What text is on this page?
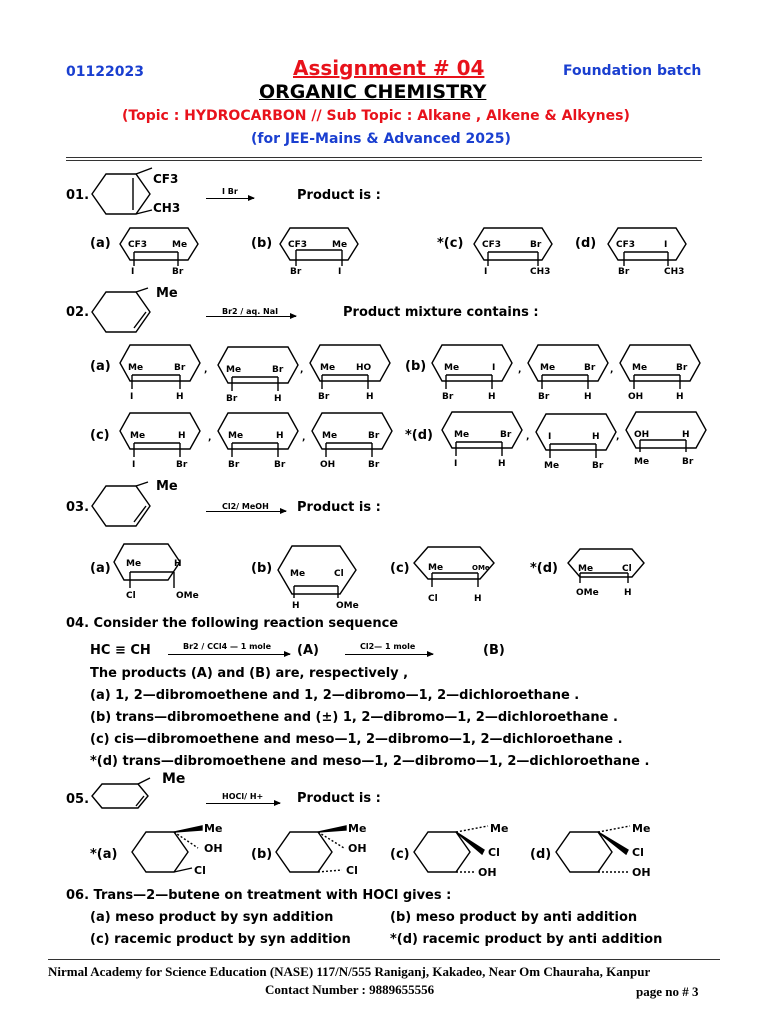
01122023	Assignment # 04	Foundation batch
ORGANIC CHEMISTRY
(Topic : HYDROCARBON // Sub Topic : Alkane , Alkene & Alkynes)
(for JEE-Mains & Advanced 2025)
01.
CF3
CH3
I Br	Product is :
(a) CF3	Me
I	Br
(b) CF3	Me
Br	I
*(c) CF3	Br
I	CH3
(d) CF3	I
Br	CH3
02.
Me
Br2 / aq. NaI	Product mixture contains :
(a) Me	Br
I	H
, Me	Br
Br	H
, Me HO
Br	H
(b) Me	I
Br	H
, Me	Br
Br	H
, Me	Br
OH	H
(c) Me	H
I	Br
, Me	H
Br	Br
, Me	Br
OH	Br
*(d) Me	Br
I	H
, I	H
Me	Br
, OH	H
Me	Br
03.
Me
Cl2/ MeOH Product is :
(a) Me	H
Cl	OMe
(b) Me	Cl
H	OMe
(c) Me	OMe
Cl	H
*(d) Me	Cl
OMe	H
04. Consider the following reaction sequence
HC ≡ CH	Br2 / CCl4 — 1 mole (A)	Cl2— 1 mole	(B)
The products (A) and (B) are, respectively ,
(a) 1, 2—dibromoethene and 1, 2—dibromo—1, 2—dichloroethane .
(b) trans—dibromoethene and (±) 1, 2—dibromo—1, 2—dichloroethane .
(c) cis—dibromoethene and meso—1, 2—dibromo—1, 2—dichloroethane .
*(d) trans—dibromoethene and meso—1, 2—dibromo—1, 2—dichloroethane .
05.
Me
HOCl/ H+	Product is :
*(a)
Me
OH
Cl
(b)
Me
OH
Cl
(c)
Me
Cl
OH
(d)
Me
Cl
OH
06. Trans—2—butene on treatment with HOCl gives :
(a) meso product by syn addition	(b) meso product by anti addition
(c) racemic product by syn addition	*(d) racemic product by anti addition
Nirmal Academy for Science Education (NASE) 117/N/555 Raniganj, Kakadeo, Near Om Chauraha, Kanpur
Contact Number : 9889655556	page no # 3
